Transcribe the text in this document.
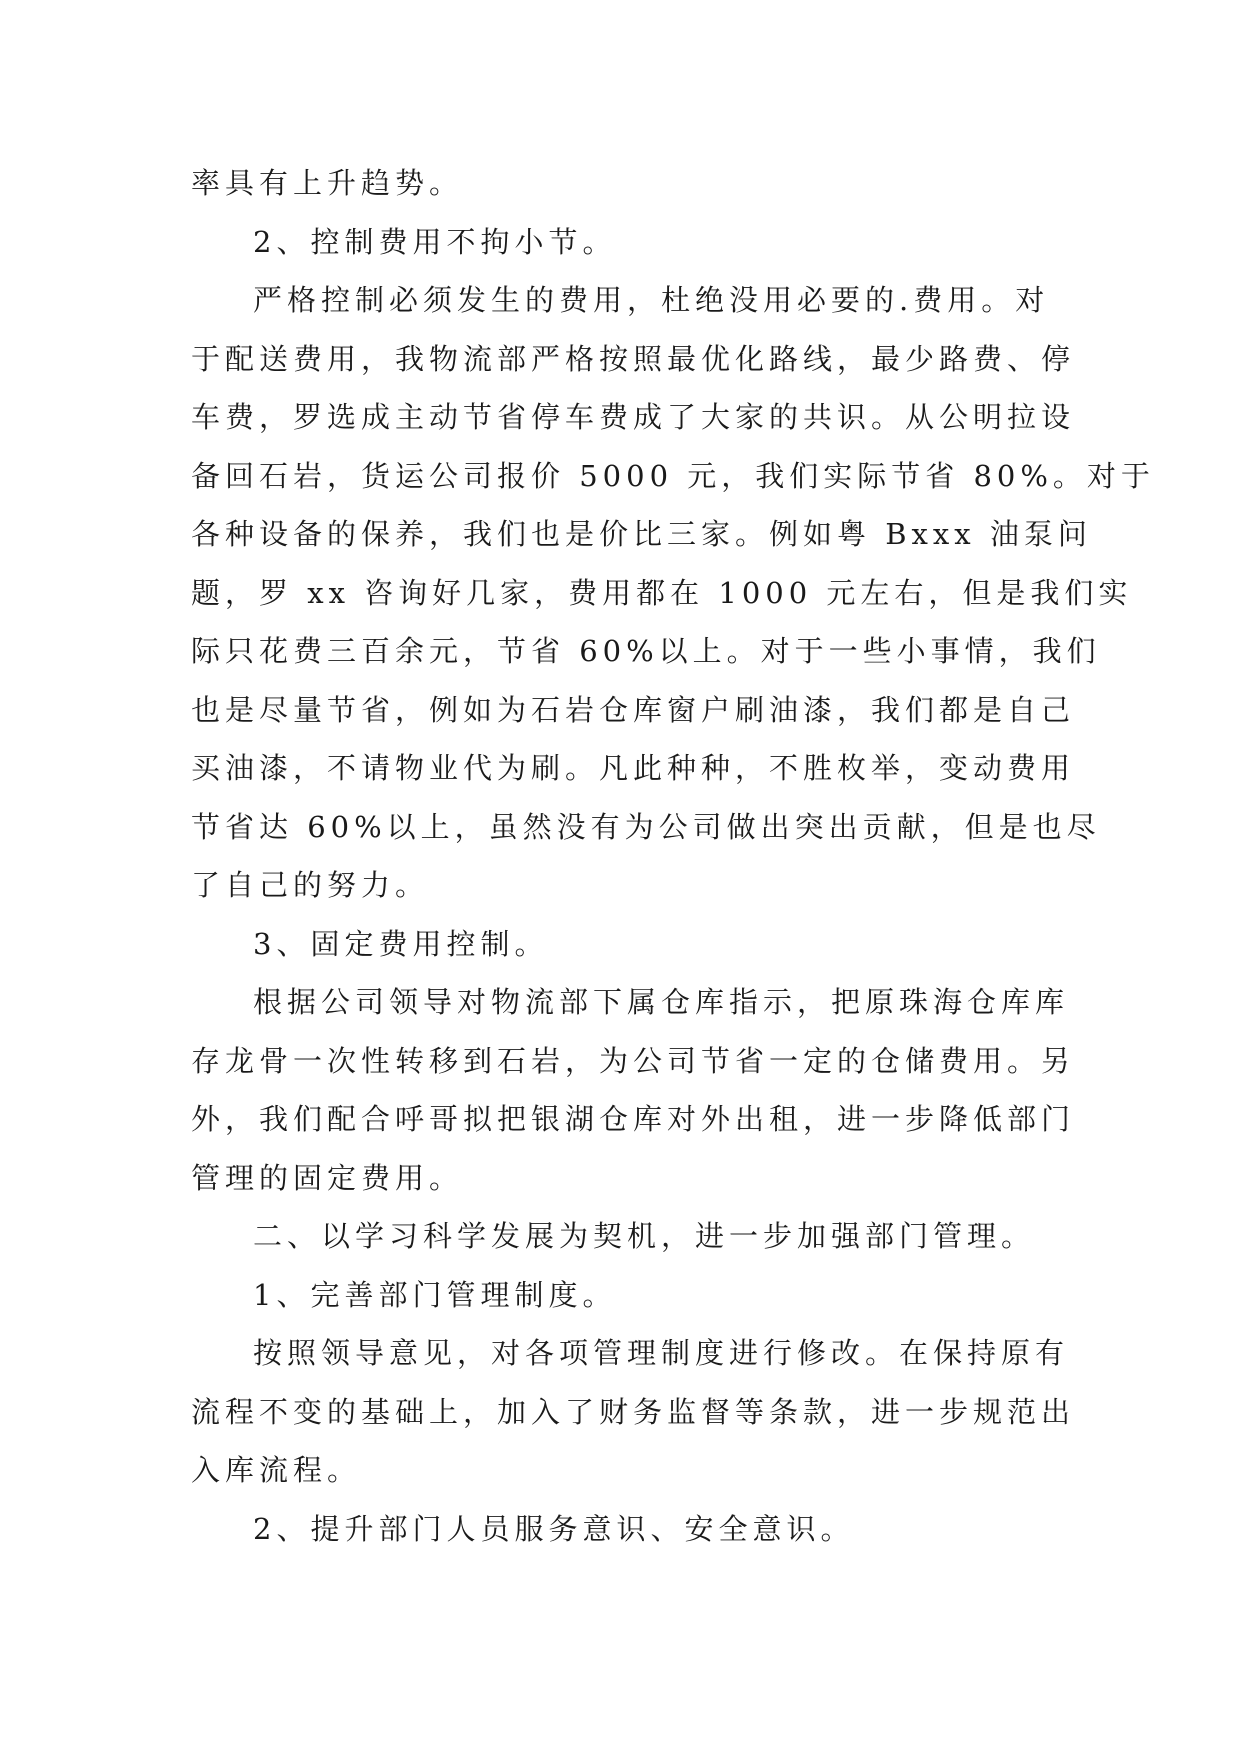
率具有上升趋势。

2、控制费用不拘小节。

严格控制必须发生的费用，杜绝没用必要的.费用。对

于配送费用，我物流部严格按照最优化路线，最少路费、停

车费，罗选成主动节省停车费成了大家的共识。从公明拉设

备回石岩，货运公司报价 5000 元，我们实际节省 80%。对于

各种设备的保养，我们也是价比三家。例如粤 Bxxx 油泵问

题，罗 xx 咨询好几家，费用都在 1000 元左右，但是我们实

际只花费三百余元，节省 60%以上。对于一些小事情，我们

也是尽量节省，例如为石岩仓库窗户刷油漆，我们都是自己

买油漆，不请物业代为刷。凡此种种，不胜枚举，变动费用

节省达 60%以上，虽然没有为公司做出突出贡献，但是也尽

了自己的努力。

3、固定费用控制。

根据公司领导对物流部下属仓库指示，把原珠海仓库库

存龙骨一次性转移到石岩，为公司节省一定的仓储费用。另

外，我们配合呼哥拟把银湖仓库对外出租，进一步降低部门

管理的固定费用。

二、以学习科学发展为契机，进一步加强部门管理。

1、完善部门管理制度。

按照领导意见，对各项管理制度进行修改。在保持原有

流程不变的基础上，加入了财务监督等条款，进一步规范出

入库流程。

2、提升部门人员服务意识、安全意识。
